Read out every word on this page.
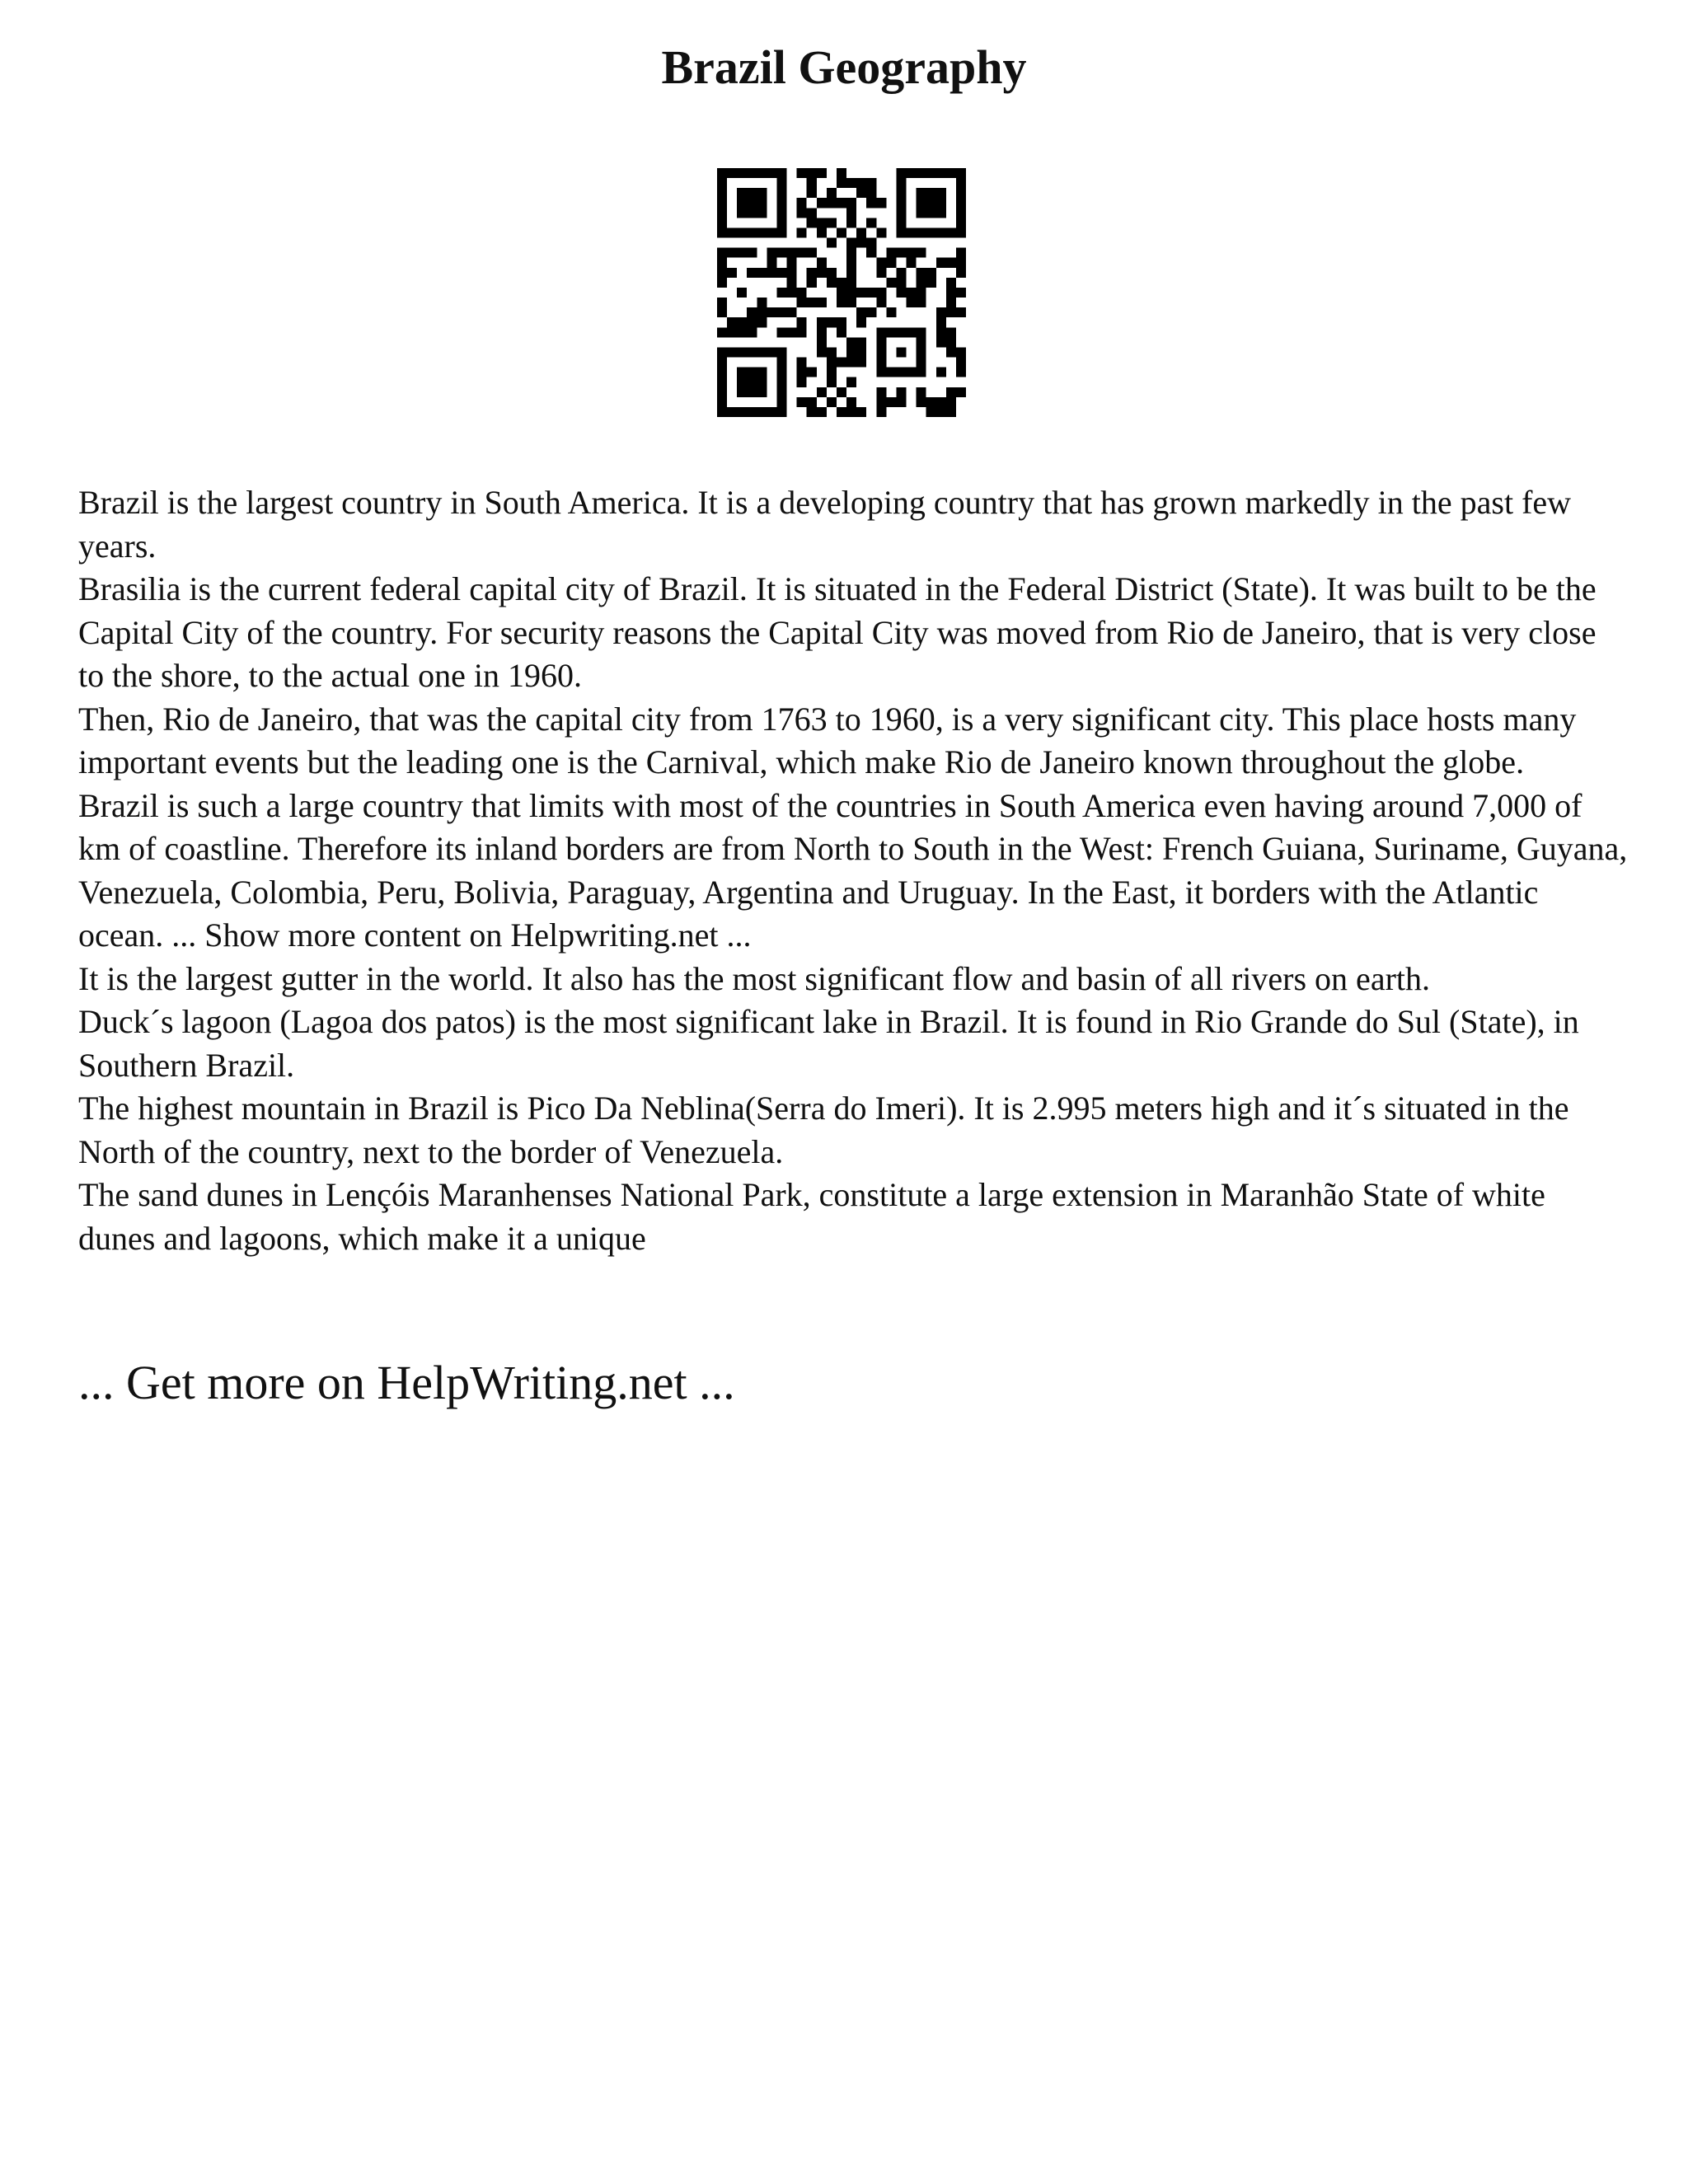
Brazil Geography

Brazil is the largest country in South America. It is a developing country that has grown markedly in the past few years.

Brasilia is the current federal capital city of Brazil. It is situated in the Federal District (State). It was built to be the Capital City of the country. For security reasons the Capital City was moved from Rio de Janeiro, that is very close to the shore, to the actual one in 1960.

Then, Rio de Janeiro, that was the capital city from 1763 to 1960, is a very significant city. This place hosts many important events but the leading one is the Carnival, which make Rio de Janeiro known throughout the globe.

Brazil is such a large country that limits with most of the countries in South America even having around 7,000 of km of coastline. Therefore its inland borders are from North to South in the West: French Guiana, Suriname, Guyana, Venezuela, Colombia, Peru, Bolivia, Paraguay, Argentina and Uruguay. In the East, it borders with the Atlantic ocean. ... Show more content on Helpwriting.net ...

It is the largest gutter in the world. It also has the most significant flow and basin of all rivers on earth.

Duck´s lagoon (Lagoa dos patos) is the most significant lake in Brazil. It is found in Rio Grande do Sul (State), in Southern Brazil.

The highest mountain in Brazil is Pico Da Neblina(Serra do Imeri). It is 2.995 meters high and it´s situated in the North of the country, next to the border of Venezuela.

The sand dunes in Lençóis Maranhenses National Park, constitute a large extension in Maranhão State of white dunes and lagoons, which make it a unique

... Get more on HelpWriting.net ...
